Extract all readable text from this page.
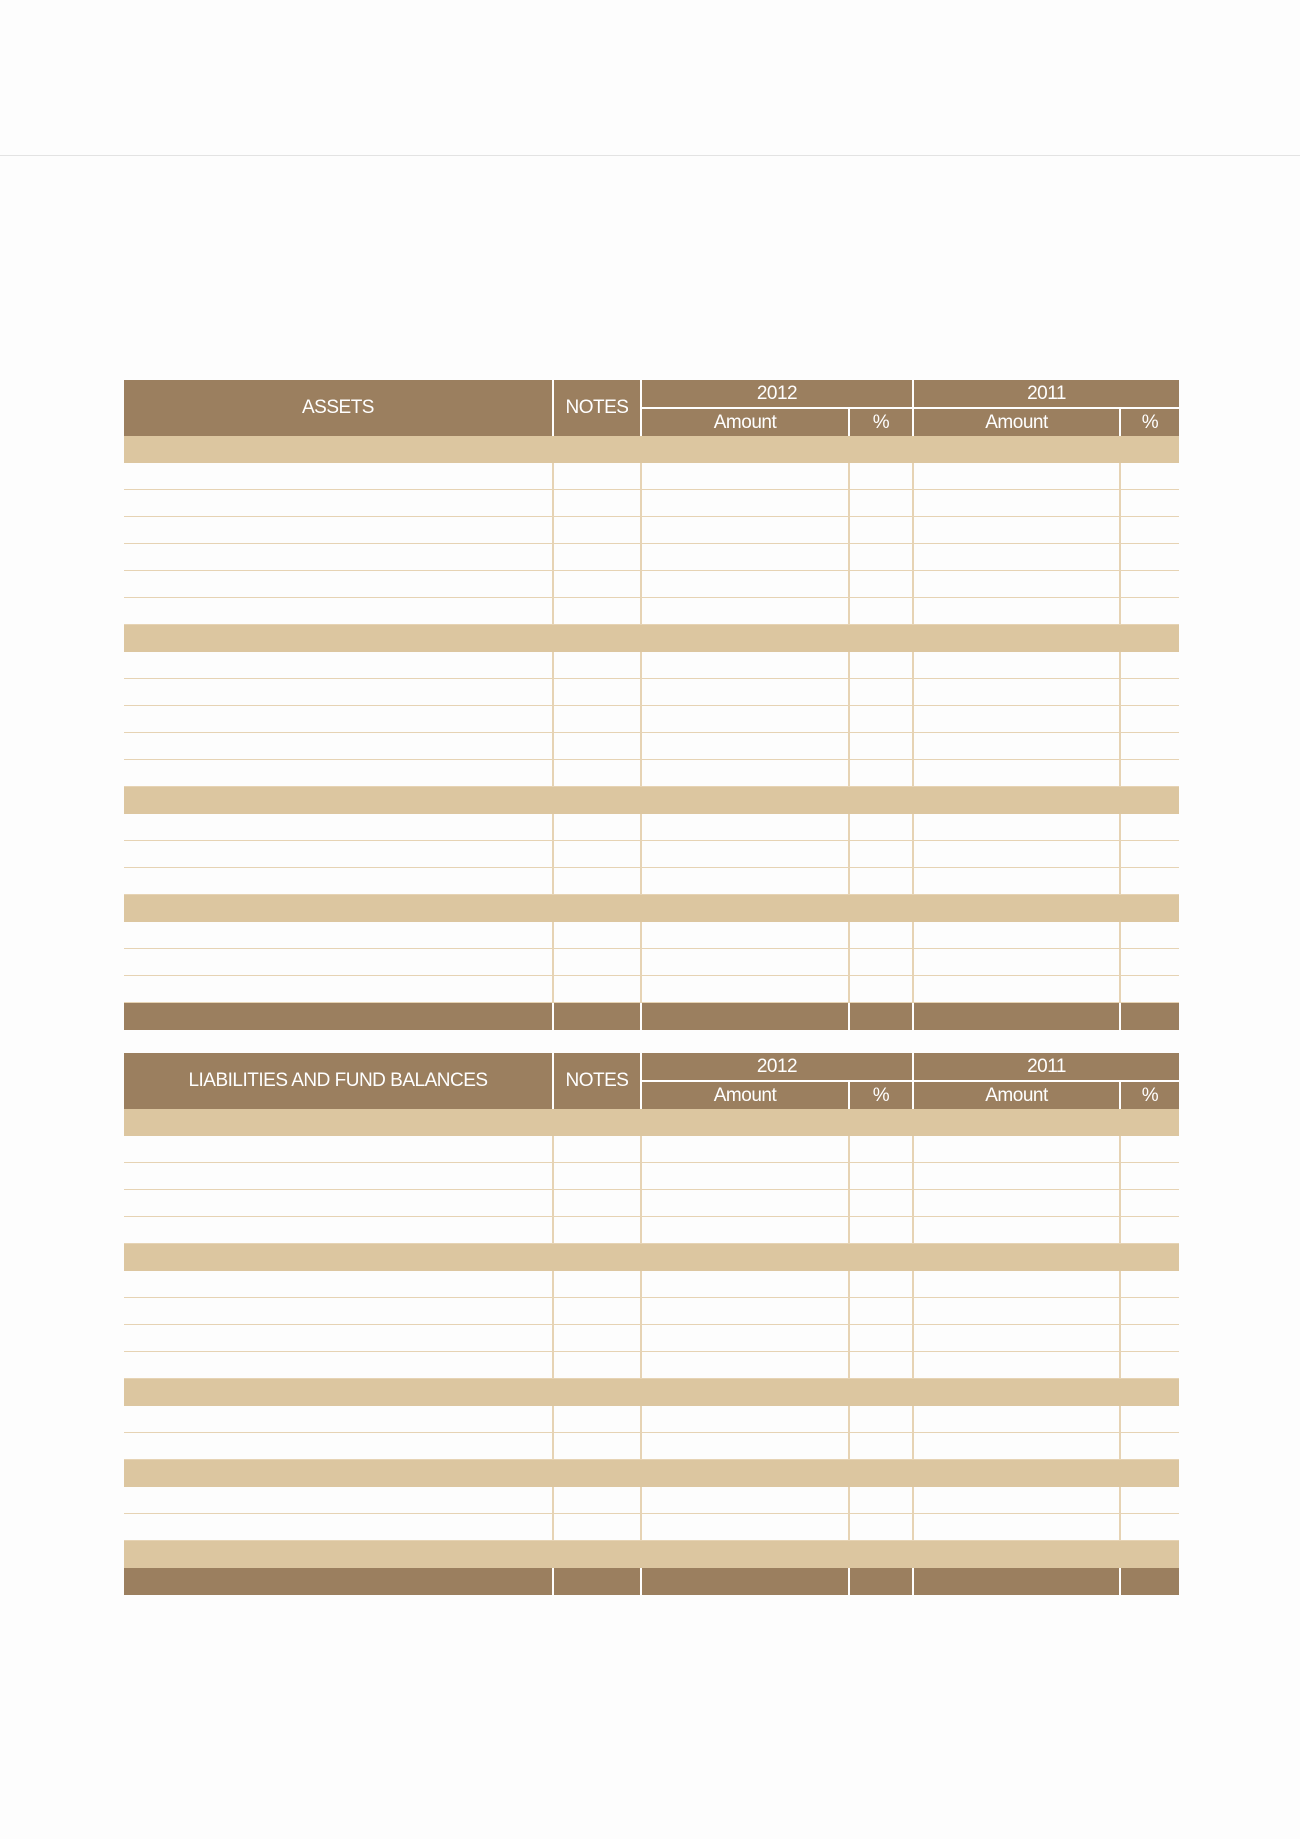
ASSETS	NOTES
2012	2011
Amount	%	Amount	%
LIABILITIES AND FUND BALANCES	NOTES
2012	2011
Amount	%	Amount	%
